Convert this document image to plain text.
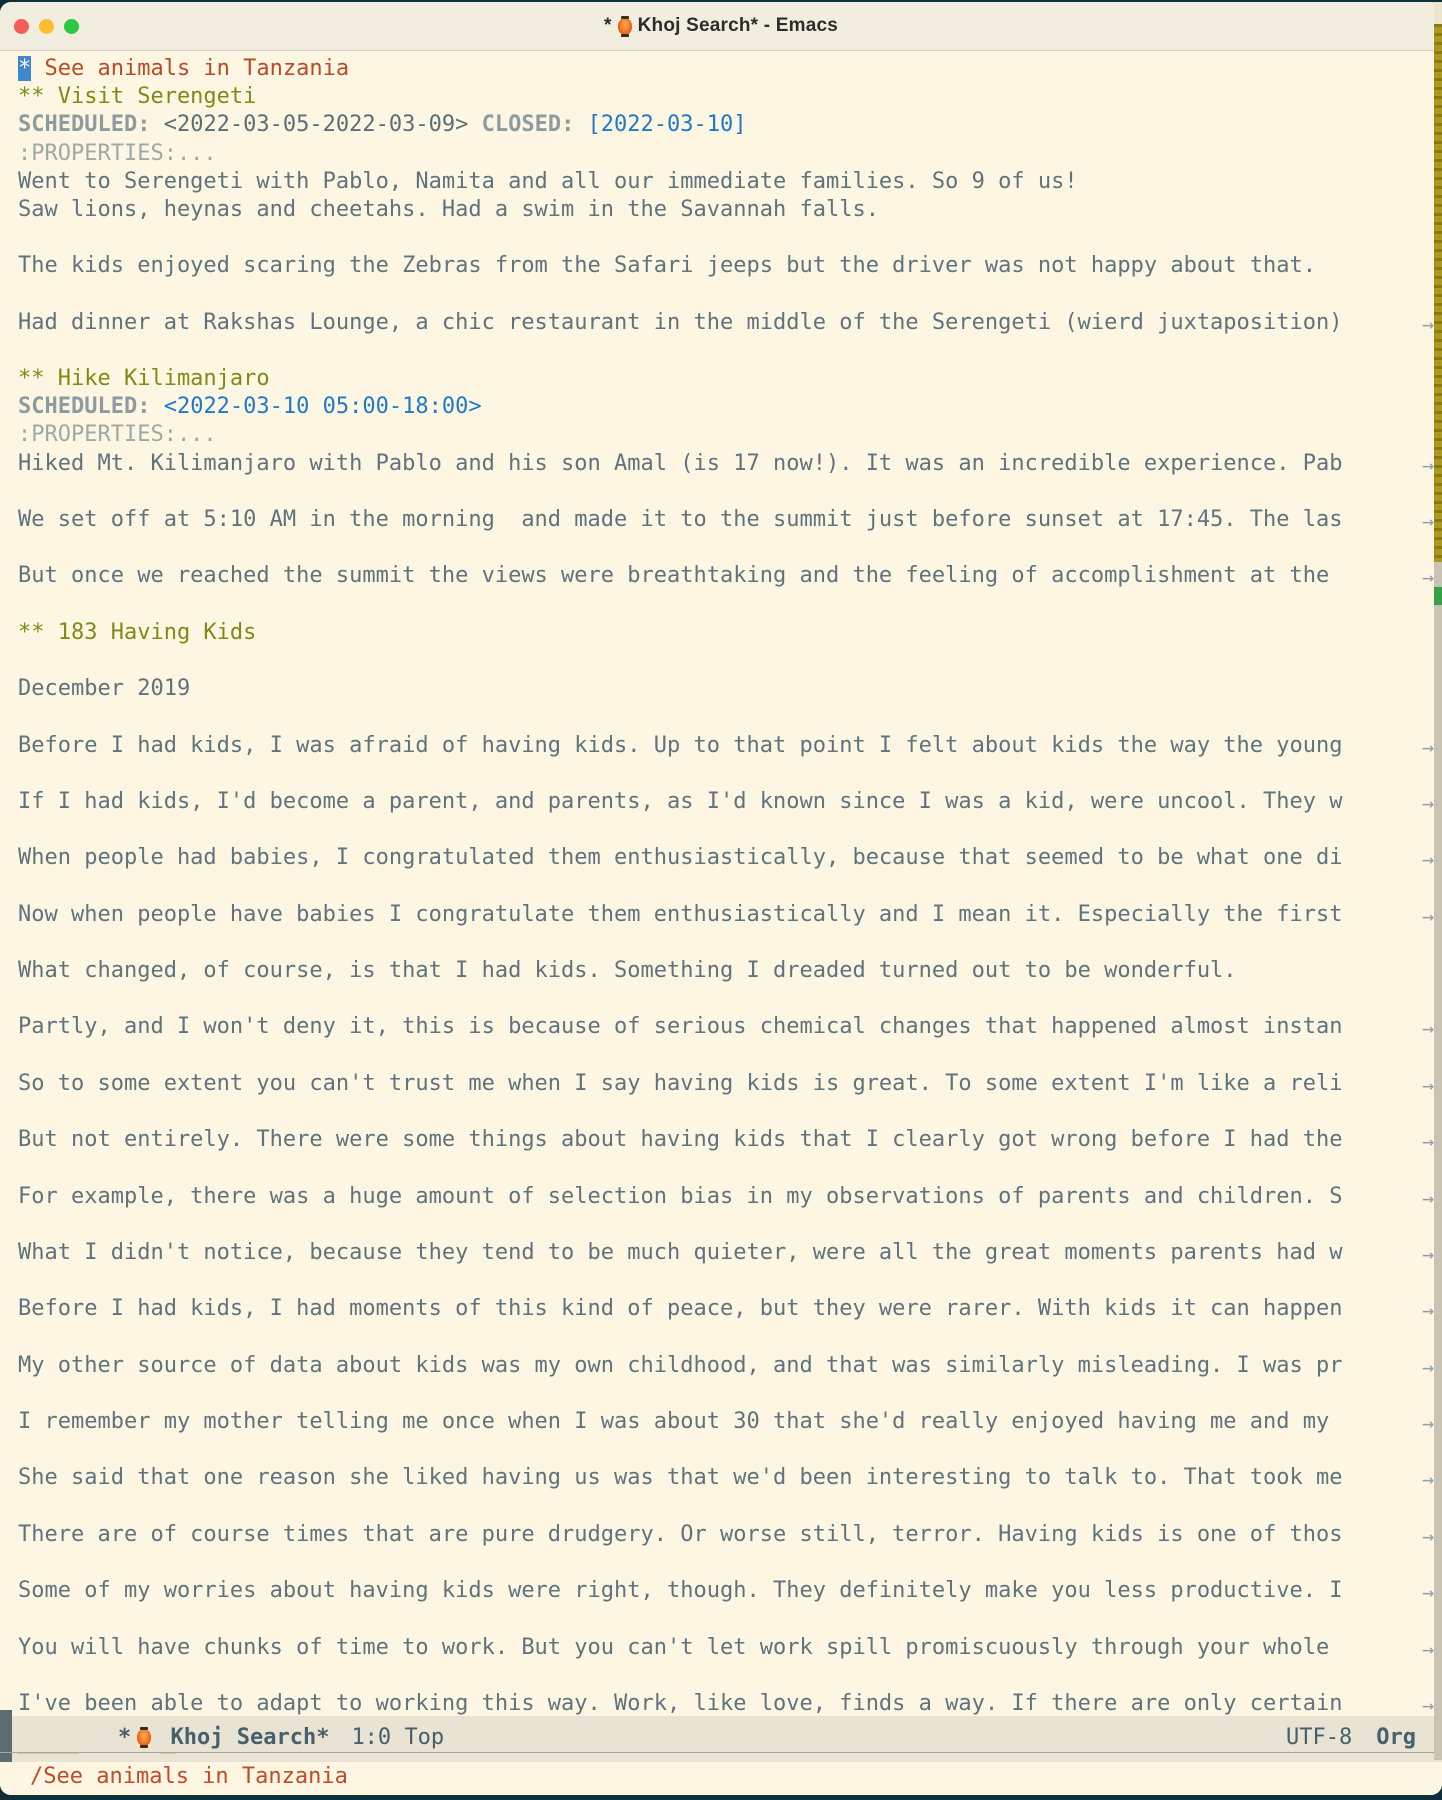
* Khoj Search* - Emacs
* See animals in Tanzania
** Visit Serengeti
SCHEDULED: <2022-03-05-2022-03-09> CLOSED: [2022-03-10]
:PROPERTIES:...
Went to Serengeti with Pablo, Namita and all our immediate families. So 9 of us!
Saw lions, heynas and cheetahs. Had a swim in the Savannah falls.

The kids enjoyed scaring the Zebras from the Safari jeeps but the driver was not happy about that.

Had dinner at Rakshas Lounge, a chic restaurant in the middle of the Serengeti (wierd juxtaposition)	→

** Hike Kilimanjaro
SCHEDULED: <2022-03-10 05:00-18:00>
:PROPERTIES:...
Hiked Mt. Kilimanjaro with Pablo and his son Amal (is 17 now!). It was an incredible experience. Pab	→

We set off at 5:10 AM in the morning  and made it to the summit just before sunset at 17:45. The las	→

But once we reached the summit the views were breathtaking and the feeling of accomplishment at the	→

** 183 Having Kids

December 2019

Before I had kids, I was afraid of having kids. Up to that point I felt about kids the way the young	→

If I had kids, I'd become a parent, and parents, as I'd known since I was a kid, were uncool. They w	→

When people had babies, I congratulated them enthusiastically, because that seemed to be what one di	→

Now when people have babies I congratulate them enthusiastically and I mean it. Especially the first	→

What changed, of course, is that I had kids. Something I dreaded turned out to be wonderful.

Partly, and I won't deny it, this is because of serious chemical changes that happened almost instan	→

So to some extent you can't trust me when I say having kids is great. To some extent I'm like a reli	→

But not entirely. There were some things about having kids that I clearly got wrong before I had the	→

For example, there was a huge amount of selection bias in my observations of parents and children. S	→

What I didn't notice, because they tend to be much quieter, were all the great moments parents had w	→

Before I had kids, I had moments of this kind of peace, but they were rarer. With kids it can happen	→

My other source of data about kids was my own childhood, and that was similarly misleading. I was pr	→

I remember my mother telling me once when I was about 30 that she'd really enjoyed having me and my	→

She said that one reason she liked having us was that we'd been interesting to talk to. That took me	→

There are of course times that are pure drudgery. Or worse still, terror. Having kids is one of thos	→

Some of my worries about having kids were right, though. They definitely make you less productive. I	→

You will have chunks of time to work. But you can't let work spill promiscuously through your whole	→

I've been able to adapt to working this way. Work, like love, finds a way. If there are only certain	→
* Khoj Search* 1:0 Top	UTF-8 Org
/See animals in Tanzania
